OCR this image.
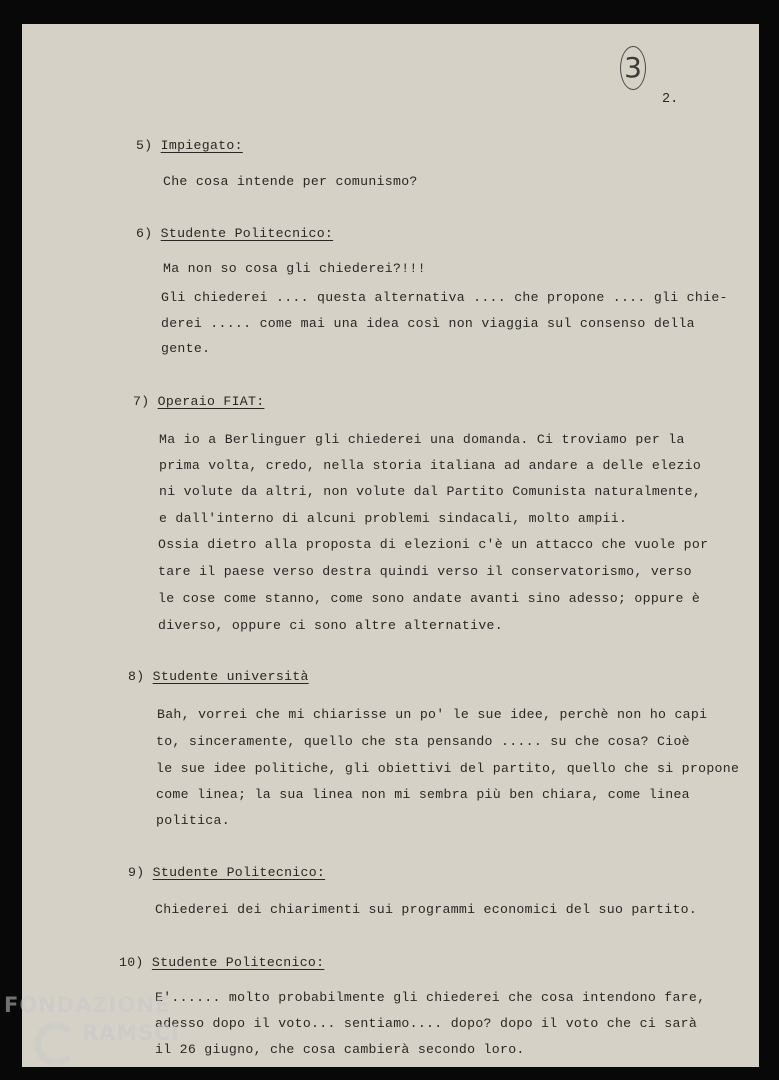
3
2.
5) Impiegato:
Che cosa intende per comunismo?
6) Studente Politecnico:
Ma non so cosa gli chiederei?!!!
Gli chiederei .... questa alternativa .... che propone .... gli chie-
derei ..... come mai una idea così non viaggia sul consenso della
gente.
7) Operaio FIAT:
Ma io a Berlinguer gli chiederei una domanda. Ci troviamo per la
prima volta, credo, nella storia italiana ad andare a delle elezio
ni volute da altri, non volute dal Partito Comunista naturalmente,
e dall'interno di alcuni problemi sindacali, molto ampii.
Ossia dietro alla proposta di elezioni c'è un attacco che vuole por
tare il paese verso destra quindi verso il conservatorismo, verso
le cose come stanno, come sono andate avanti sino adesso; oppure è
diverso, oppure ci sono altre alternative.
8) Studente università
Bah, vorrei che mi chiarisse un po' le sue idee, perchè non ho capi
to, sinceramente, quello che sta pensando ..... su che cosa? Cioè
le sue idee politiche, gli obiettivi del partito, quello che si propone
come linea; la sua linea non mi sembra più ben chiara, come linea
politica.
9) Studente Politecnico:
Chiederei dei chiarimenti sui programmi economici del suo partito.
10) Studente Politecnico:
E'...... molto probabilmente gli chiederei che cosa intendono fare,
adesso dopo il voto... sentiamo.... dopo? dopo il voto che ci sarà
il 26 giugno, che cosa cambierà secondo loro.
FONDAZIONE
RAMSCI
